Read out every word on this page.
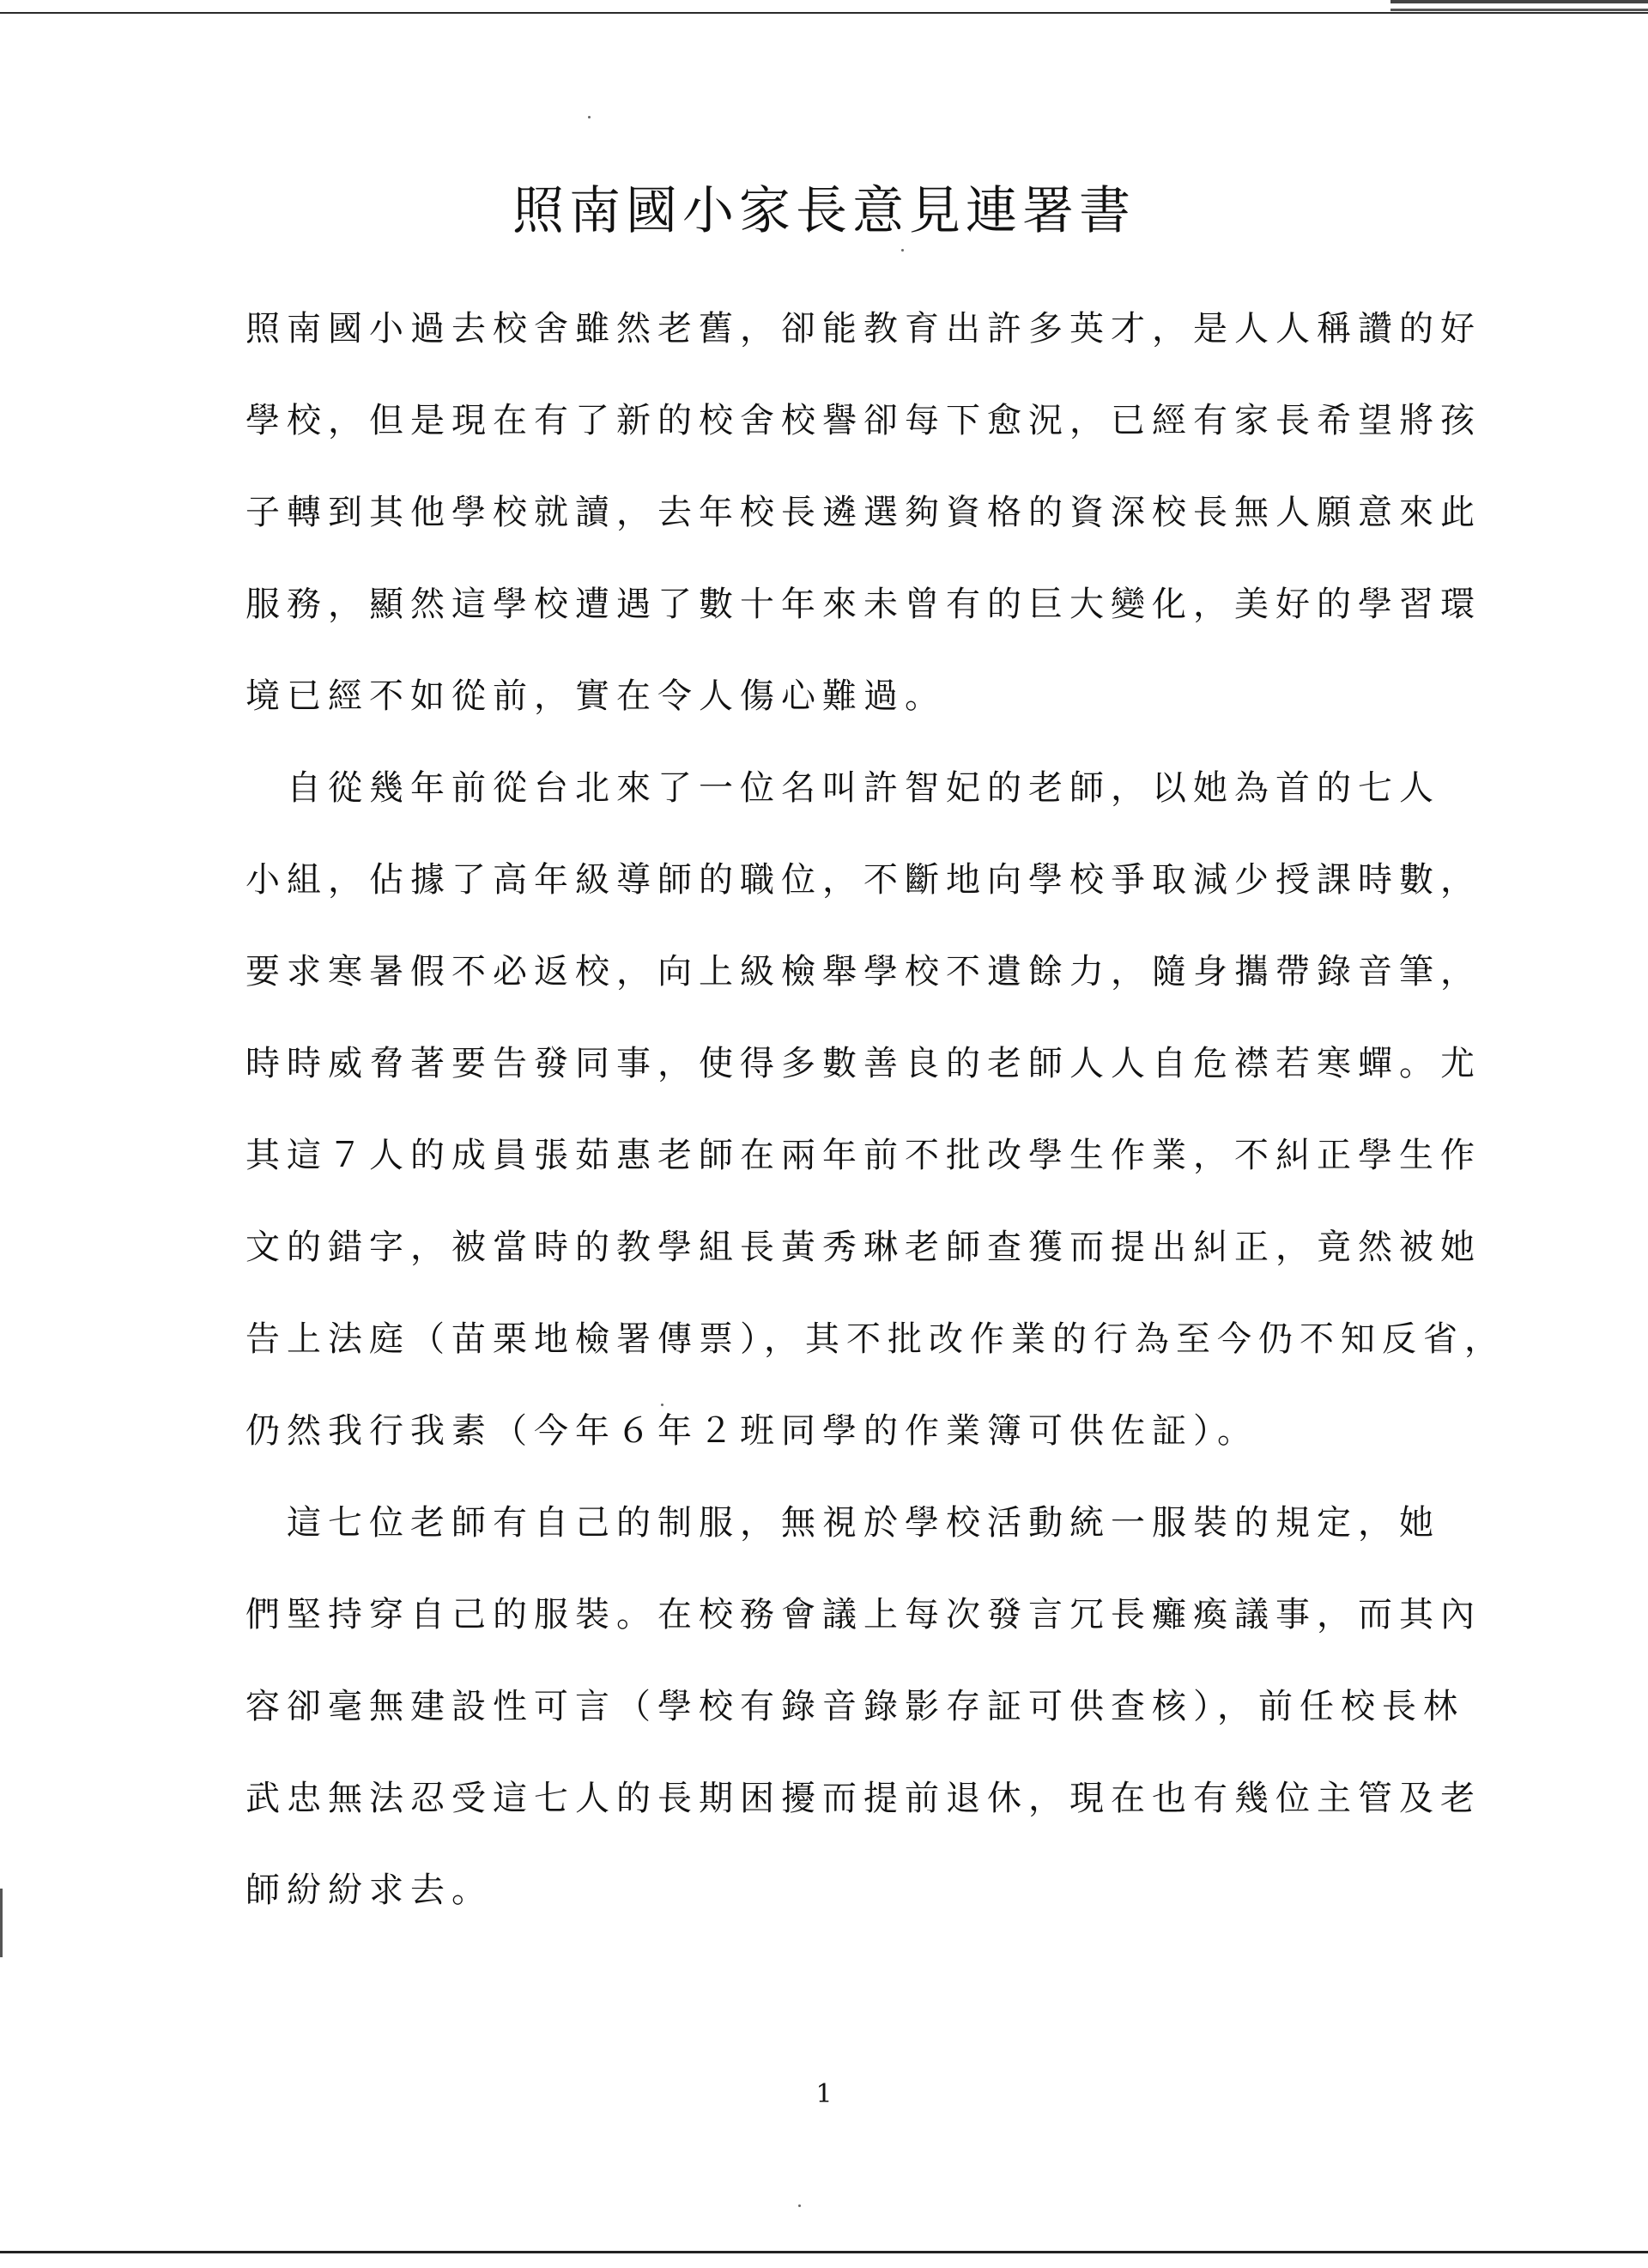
照南國小家長意見連署書

照南國小過去校舍雖然老舊，卻能教育出許多英才，是人人稱讚的好
學校，但是現在有了新的校舍校譽卻每下愈況，已經有家長希望將孩
子轉到其他學校就讀，去年校長遴選夠資格的資深校長無人願意來此
服務，顯然這學校遭遇了數十年來未曾有的巨大變化，美好的學習環
境已經不如從前，實在令人傷心難過。

　自從幾年前從台北來了一位名叫許智妃的老師，以她為首的七人
小組，佔據了高年級導師的職位，不斷地向學校爭取減少授課時數，
要求寒暑假不必返校，向上級檢舉學校不遺餘力，隨身攜帶錄音筆，
時時威脅著要告發同事，使得多數善良的老師人人自危襟若寒蟬。尤
其這７人的成員張茹惠老師在兩年前不批改學生作業，不糾正學生作
文的錯字，被當時的教學組長黃秀琳老師查獲而提出糾正，竟然被她
告上法庭（苗栗地檢署傳票），其不批改作業的行為至今仍不知反省，
仍然我行我素（今年６年２班同學的作業簿可供佐証）。

　這七位老師有自己的制服，無視於學校活動統一服裝的規定，她
們堅持穿自己的服裝。在校務會議上每次發言冗長癱瘓議事，而其內
容卻毫無建設性可言（學校有錄音錄影存証可供查核），前任校長林
武忠無法忍受這七人的長期困擾而提前退休，現在也有幾位主管及老
師紛紛求去。

1
